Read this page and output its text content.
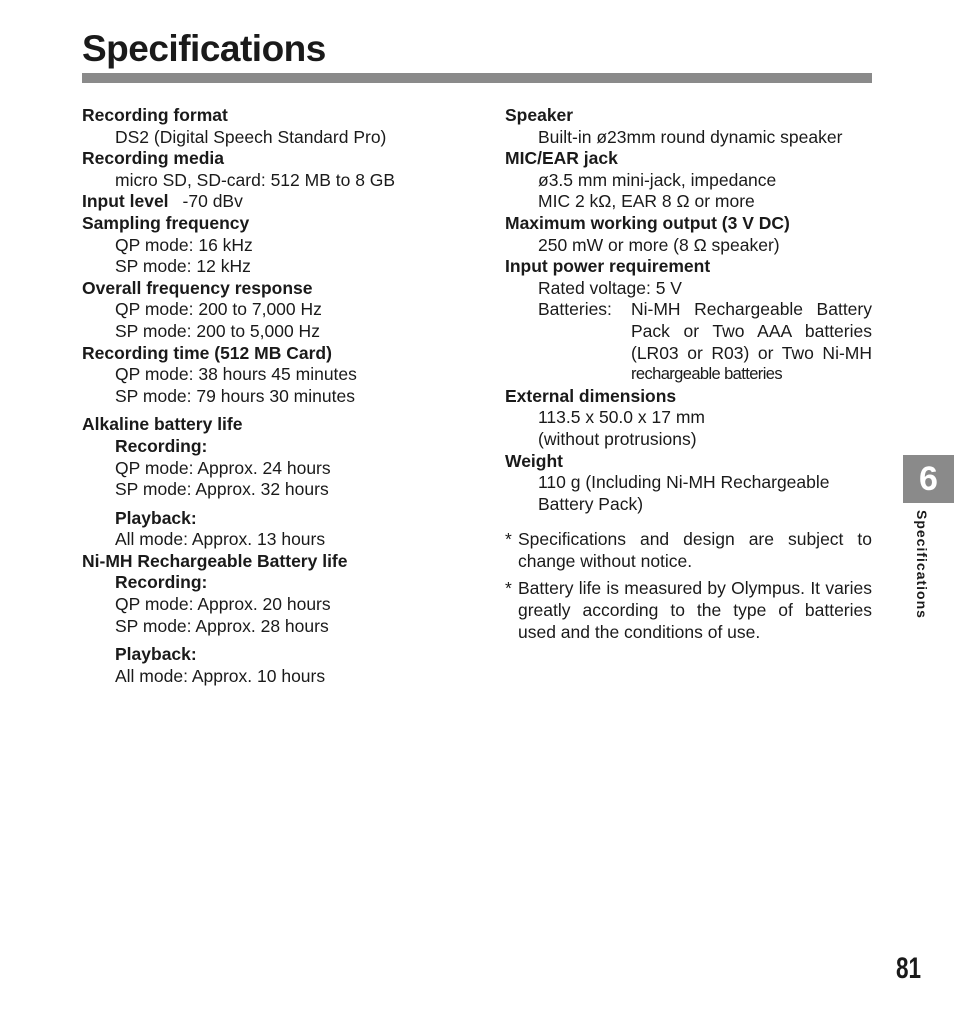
Specifications
Recording format
DS2 (Digital Speech Standard Pro)
Recording media
micro SD, SD-card: 512 MB to 8 GB
Input level -70 dBv
Sampling frequency
QP mode: 16 kHz
SP mode: 12 kHz
Overall frequency response
QP mode: 200 to 7,000 Hz
SP mode: 200 to 5,000 Hz
Recording time (512 MB Card)
QP mode: 38 hours 45 minutes
SP mode: 79 hours 30 minutes
Alkaline battery life
Recording:
QP mode: Approx. 24 hours
SP mode: Approx. 32 hours
Playback:
All mode: Approx. 13 hours
Ni-MH Rechargeable Battery life
Recording:
QP mode: Approx. 20 hours
SP mode: Approx. 28 hours
Playback:
All mode: Approx. 10 hours
Speaker
Built-in ø23mm round dynamic speaker
MIC/EAR jack
ø3.5 mm mini-jack, impedance
MIC 2 kΩ, EAR 8 Ω or more
Maximum working output (3 V DC)
250 mW or more (8 Ω speaker)
Input power requirement
Rated voltage: 5 V
Batteries:	Ni-MH Rechargeable Battery
Pack or Two AAA batteries
(LR03 or R03) or Two Ni-MH
rechargeable batteries
External dimensions
113.5 x 50.0 x 17 mm
(without protrusions)
Weight
110 g (Including Ni-MH Rechargeable
Battery Pack)
* Specifications and design are subject to change without notice.
* Battery life is measured by Olympus. It varies greatly according to the type of batteries used and the conditions of use.
6
Specifications
81
